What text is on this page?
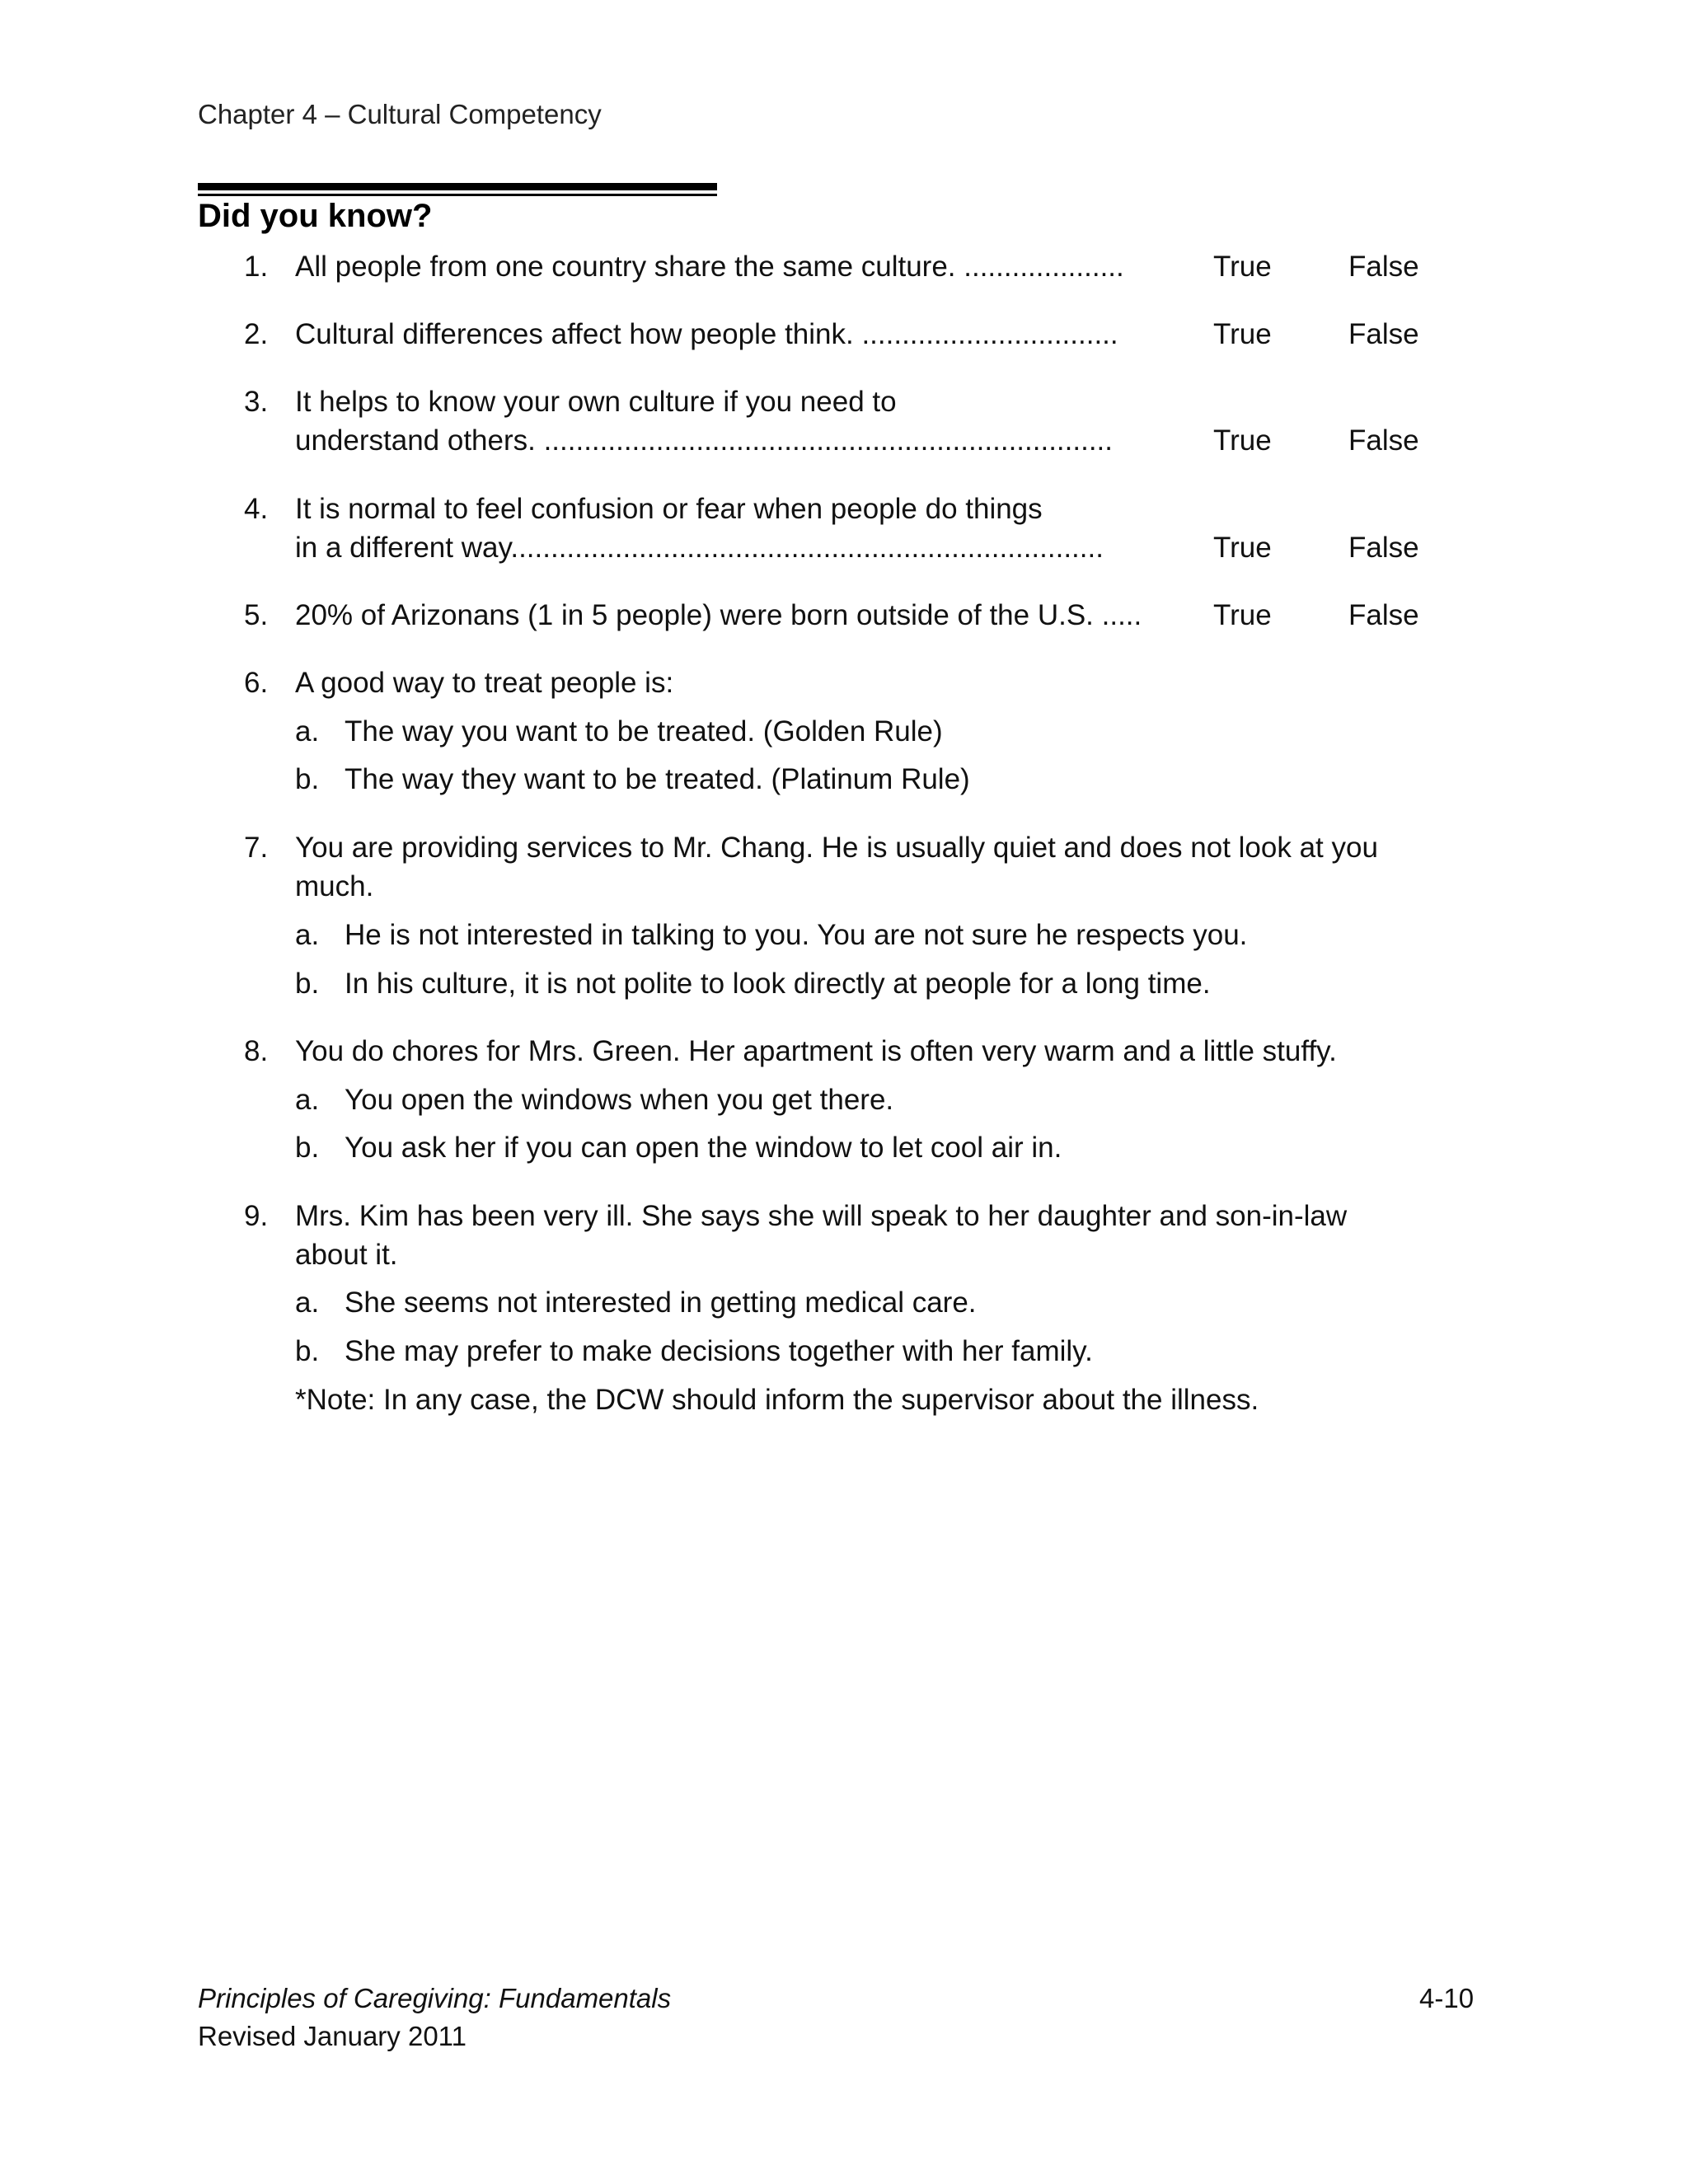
Chapter 4 – Cultural Competency
Did you know?
1. All people from one country share the same culture. ....................	True	False
2. Cultural differences affect how people think. ................................	True	False
3. It helps to know your own culture if you need to
understand others. .......................................................................	True	False
4. It is normal to feel confusion or fear when people do things
in a different way..........................................................................	True	False
5. 20% of Arizonans (1 in 5 people) were born outside of the U.S. ..... True	False
6. A good way to treat people is:
a. The way you want to be treated. (Golden Rule)
b. The way they want to be treated. (Platinum Rule)
7. You are providing services to Mr. Chang. He is usually quiet and does not look at you
much.
a. He is not interested in talking to you. You are not sure he respects you.
b. In his culture, it is not polite to look directly at people for a long time.
8. You do chores for Mrs. Green. Her apartment is often very warm and a little stuffy.
a. You open the windows when you get there.
b. You ask her if you can open the window to let cool air in.
9. Mrs. Kim has been very ill. She says she will speak to her daughter and son-in-law
about it.
a. She seems not interested in getting medical care.
b. She may prefer to make decisions together with her family.
*Note: In any case, the DCW should inform the supervisor about the illness.
Principles of Caregiving: Fundamentals
Revised January 2011
4-10
